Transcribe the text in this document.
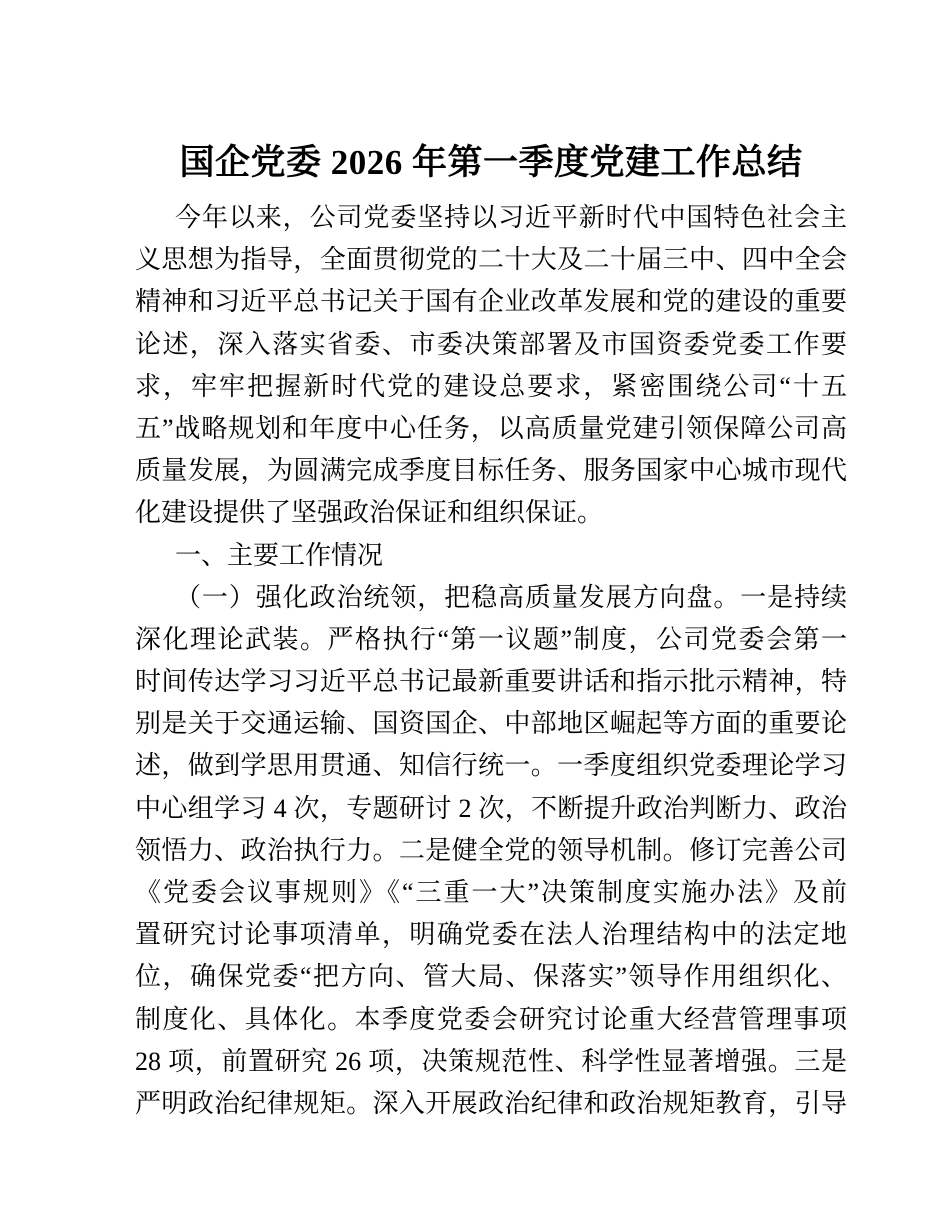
国企党委 2026 年第一季度党建工作总结
今年以来，公司党委坚持以习近平新时代中国特色社会主
义思想为指导，全面贯彻党的二十大及二十届三中、四中全会
精神和习近平总书记关于国有企业改革发展和党的建设的重要
论述，深入落实省委、市委决策部署及市国资委党委工作要
求，牢牢把握新时代党的建设总要求，紧密围绕公司“十五
五”战略规划和年度中心任务，以高质量党建引领保障公司高
质量发展，为圆满完成季度目标任务、服务国家中心城市现代
化建设提供了坚强政治保证和组织保证。
一、主要工作情况
（一）强化政治统领，把稳高质量发展方向盘。一是持续
深化理论武装。严格执行“第一议题”制度，公司党委会第一
时间传达学习习近平总书记最新重要讲话和指示批示精神，特
别是关于交通运输、国资国企、中部地区崛起等方面的重要论
述，做到学思用贯通、知信行统一。一季度组织党委理论学习
中心组学习 4 次，专题研讨 2 次，不断提升政治判断力、政治
领悟力、政治执行力。二是健全党的领导机制。修订完善公司
《党委会议事规则》《“三重一大”决策制度实施办法》及前
置研究讨论事项清单，明确党委在法人治理结构中的法定地
位，确保党委“把方向、管大局、保落实”领导作用组织化、
制度化、具体化。本季度党委会研究讨论重大经营管理事项
28 项，前置研究 26 项，决策规范性、科学性显著增强。三是
严明政治纪律规矩。深入开展政治纪律和政治规矩教育，引导
